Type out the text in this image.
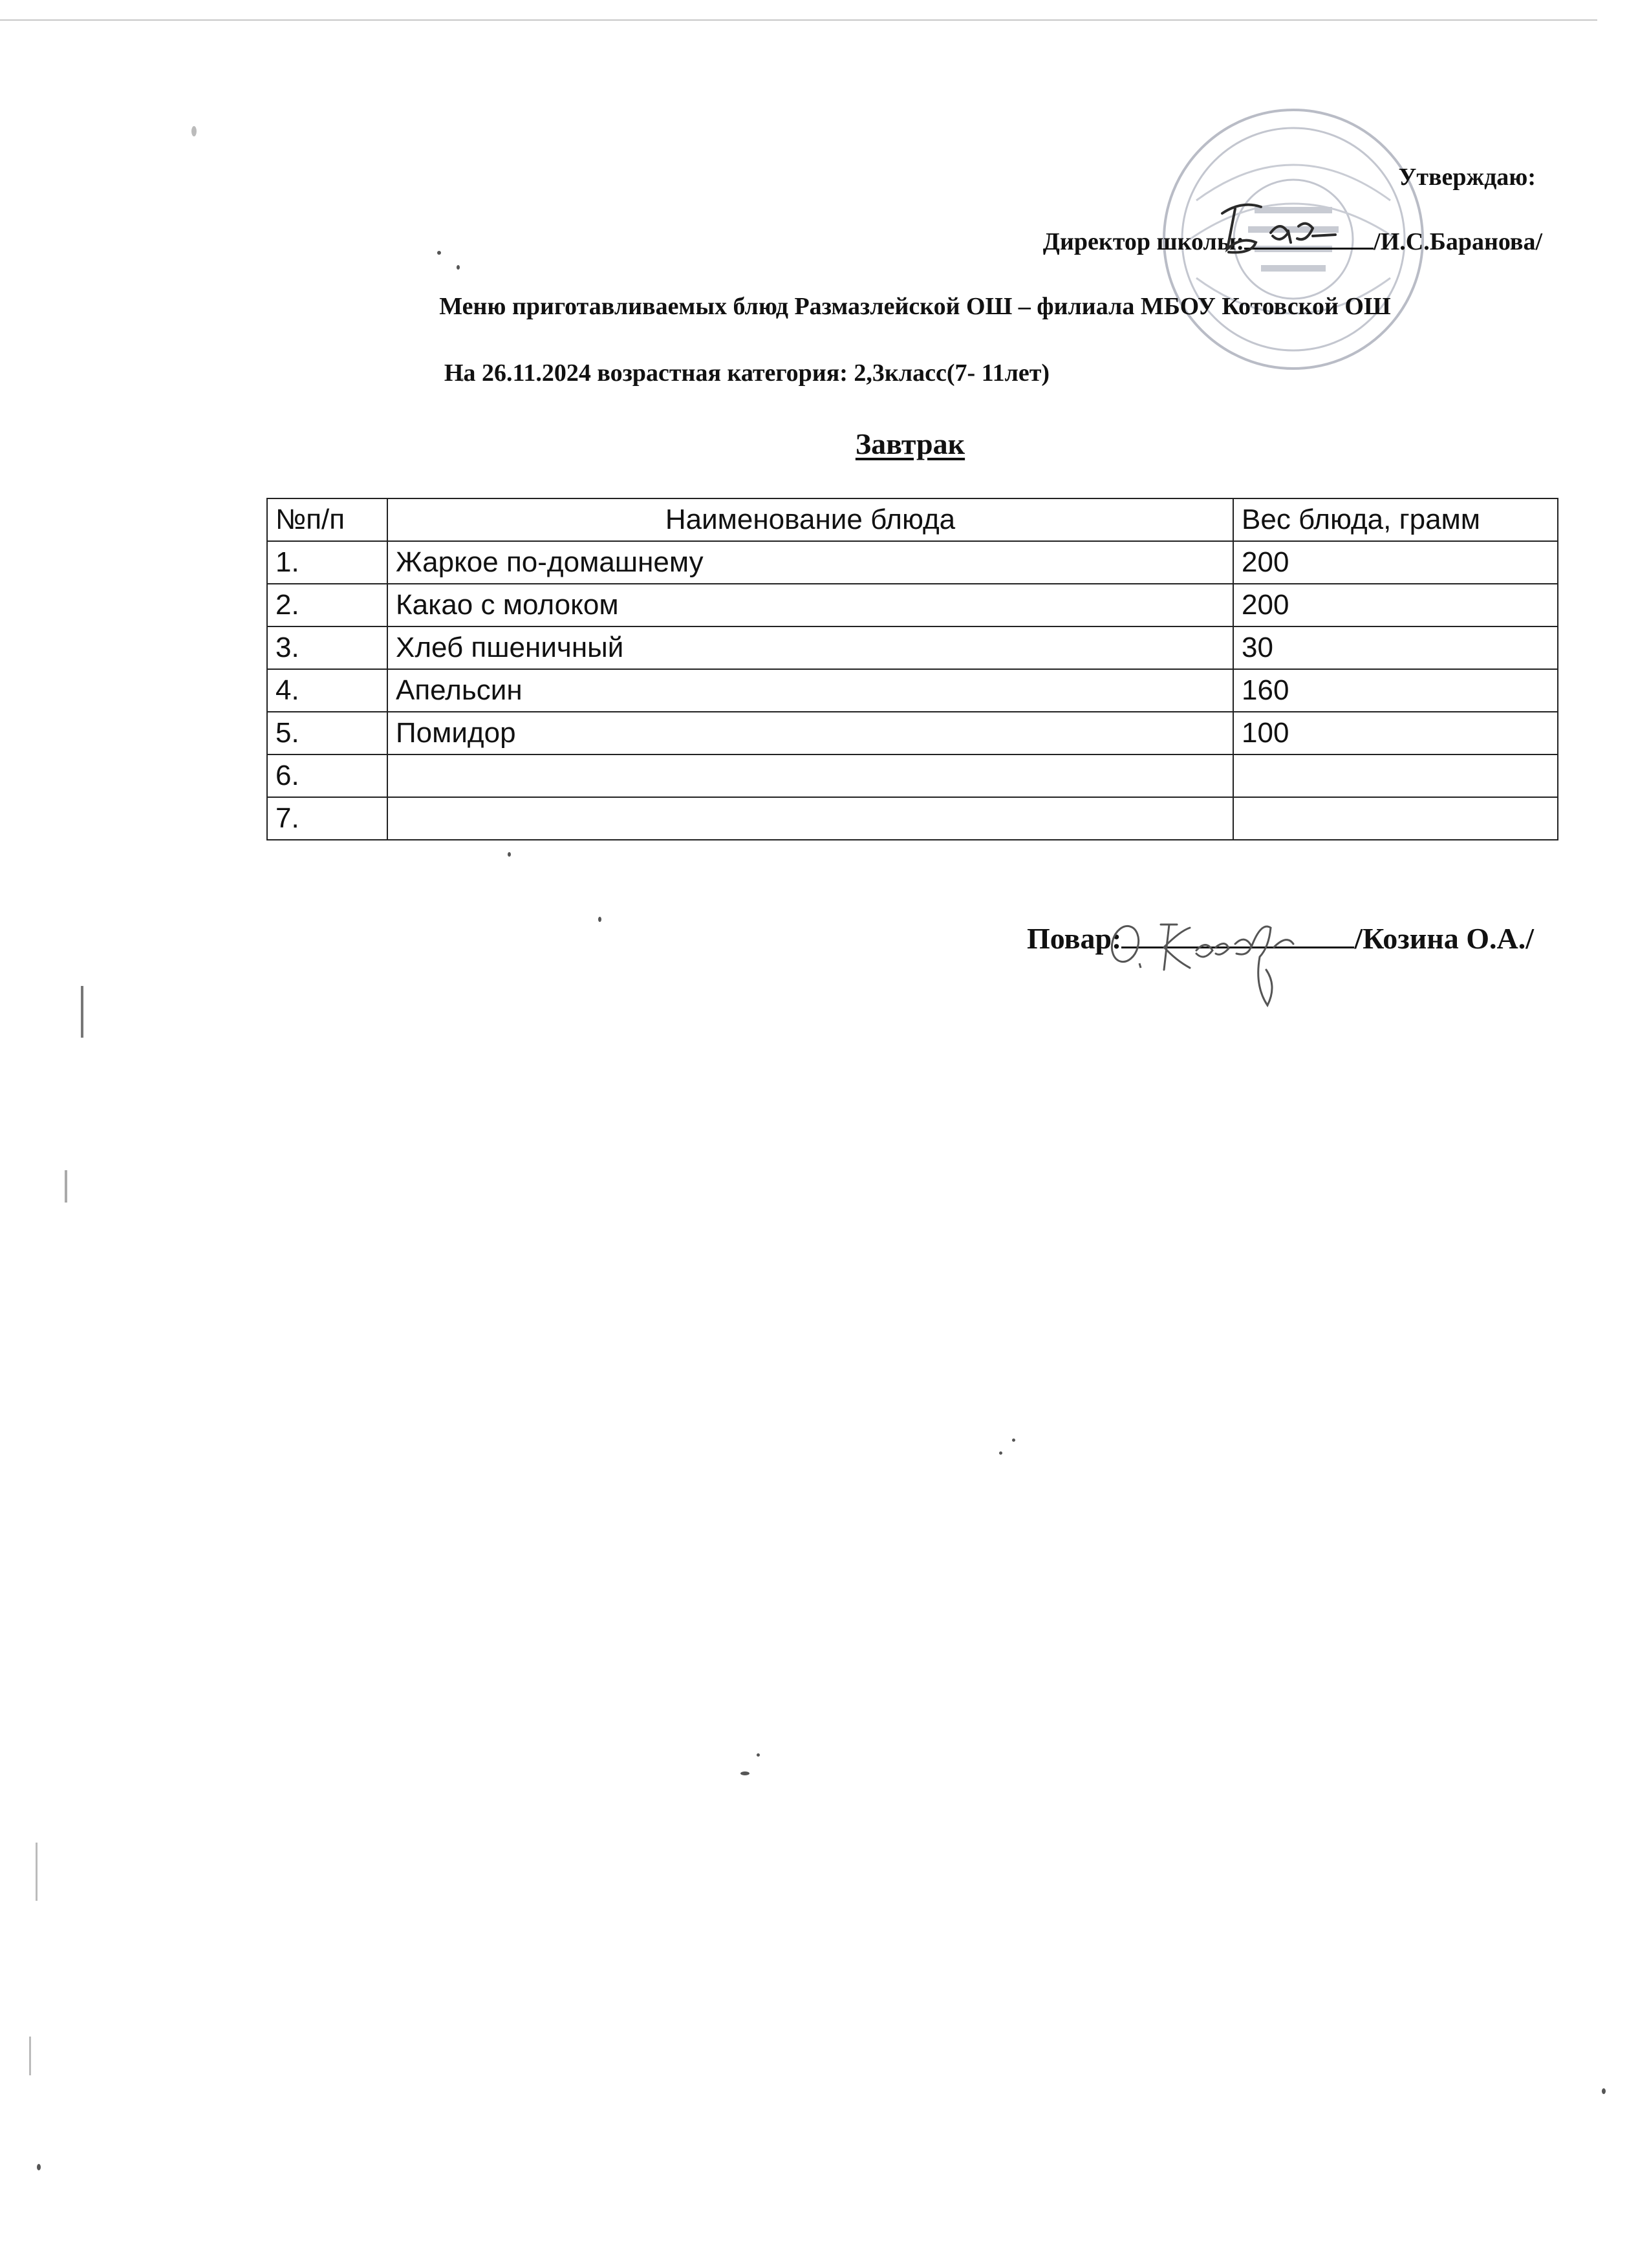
Утверждаю:
Директор школы:	/И.С.Баранова/
Меню приготавливаемых блюд Размазлейской ОШ – филиала МБОУ Котовской ОШ
На 26.11.2024 возрастная категория: 2,3класс(7- 11лет)
Завтрак
№п/п	Наименование блюда	Вес блюда, грамм
1.	Жаркое по-домашнему	200
2.	Какао с молоком	200
3.	Хлеб пшеничный	30
4.	Апельсин	160
5.	Помидор	100
6.		
7.		
Повар:	/Козина О.А./
